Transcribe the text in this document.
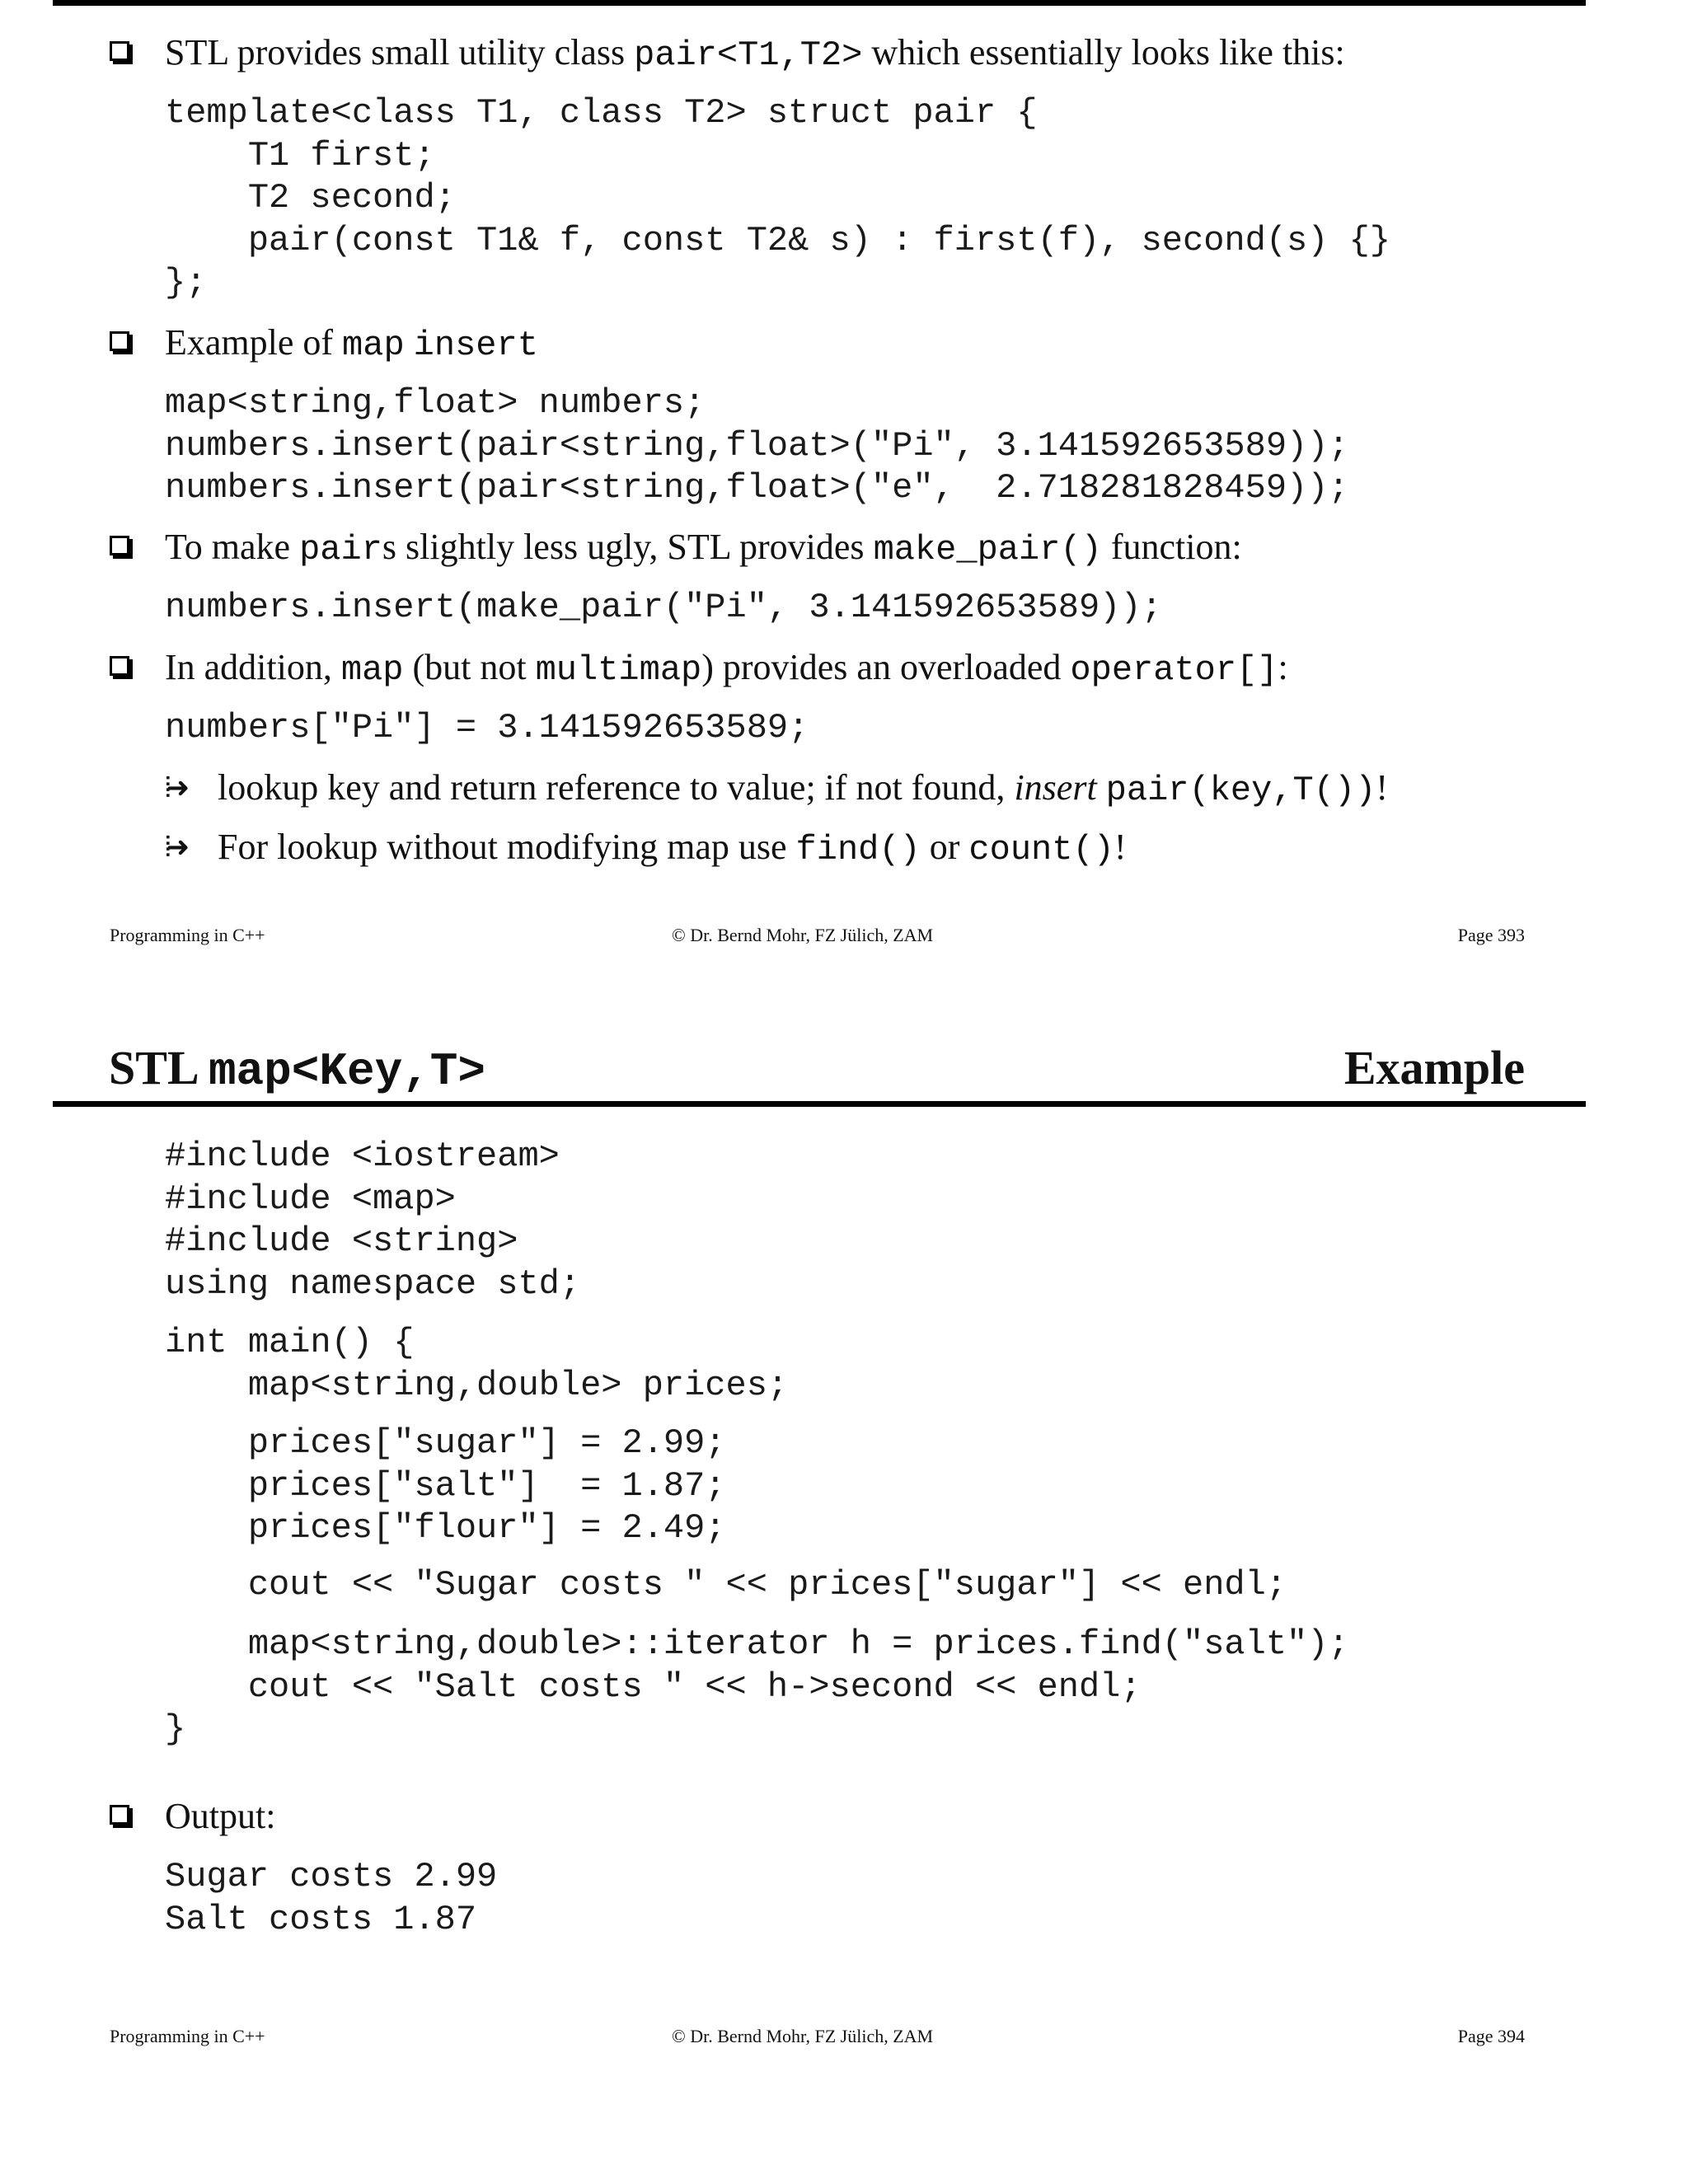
STL provides small utility class pair<T1,T2> which essentially looks like this:
template<class T1, class T2> struct pair {
T1 first;
T2 second;
pair(const T1& f, const T2& s) : first(f), second(s) {}
};
Example of map insert
map<string,float> numbers;
numbers.insert(pair<string,float>("Pi", 3.141592653589));
numbers.insert(pair<string,float>("e",  2.718281828459));
To make pairs slightly less ugly, STL provides make_pair() function:
numbers.insert(make_pair("Pi", 3.141592653589));
In addition, map (but not multimap) provides an overloaded operator[]:
numbers["Pi"] = 3.141592653589;
⦙➜ lookup key and return reference to value; if not found, insert pair(key,T())!
⦙➜ For lookup without modifying map use find() or count()!
Programming in C++	© Dr. Bernd Mohr, FZ Jülich, ZAM	Page 393
STL map<Key,T>	Example
#include <iostream>
#include <map>
#include <string>
using namespace std;
int main() {
map<string,double> prices;
prices["sugar"] = 2.99;
prices["salt"]  = 1.87;
prices["flour"] = 2.49;
cout << "Sugar costs " << prices["sugar"] << endl;
map<string,double>::iterator h = prices.find("salt");
cout << "Salt costs " << h->second << endl;
}
Output:
Sugar costs 2.99
Salt costs 1.87
Programming in C++	© Dr. Bernd Mohr, FZ Jülich, ZAM	Page 394
